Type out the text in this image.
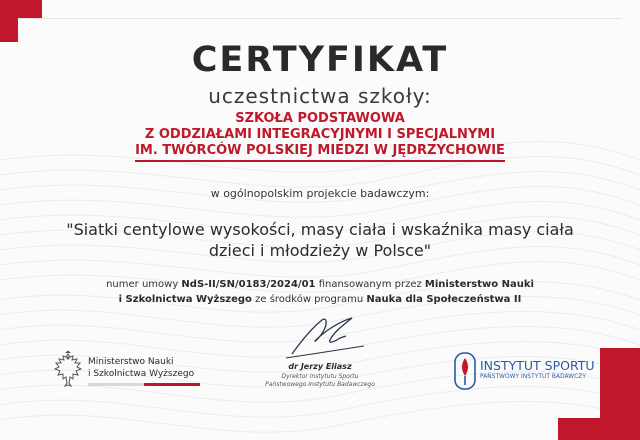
CERTYFIKAT
uczestnictwa szkoły:
SZKOŁA PODSTAWOWA
Z ODDZIAŁAMI INTEGRACYJNYMI I SPECJALNYMI
IM. TWÓRCÓW POLSKIEJ MIEDZI W JĘDRZYCHOWIE
w ogólnopolskim projekcie badawczym:
"Siatki centylowe wysokości, masy ciała i wskaźnika masy ciała
dzieci i młodzieży w Polsce"
numer umowy NdS-II/SN/0183/2024/01 finansowanym przez Ministerstwo Nauki
i Szkolnictwa Wyższego ze środków programu Nauka dla Społeczeństwa II
Ministerstwo Nauki
i Szkolnictwa Wyższego
dr Jerzy Eliasz
Dyrektor Instytutu Sportu
Państwowego Instytutu Badawczego
INSTYTUT SPORTU
PAŃSTWOWY INSTYTUT BADAWCZY
